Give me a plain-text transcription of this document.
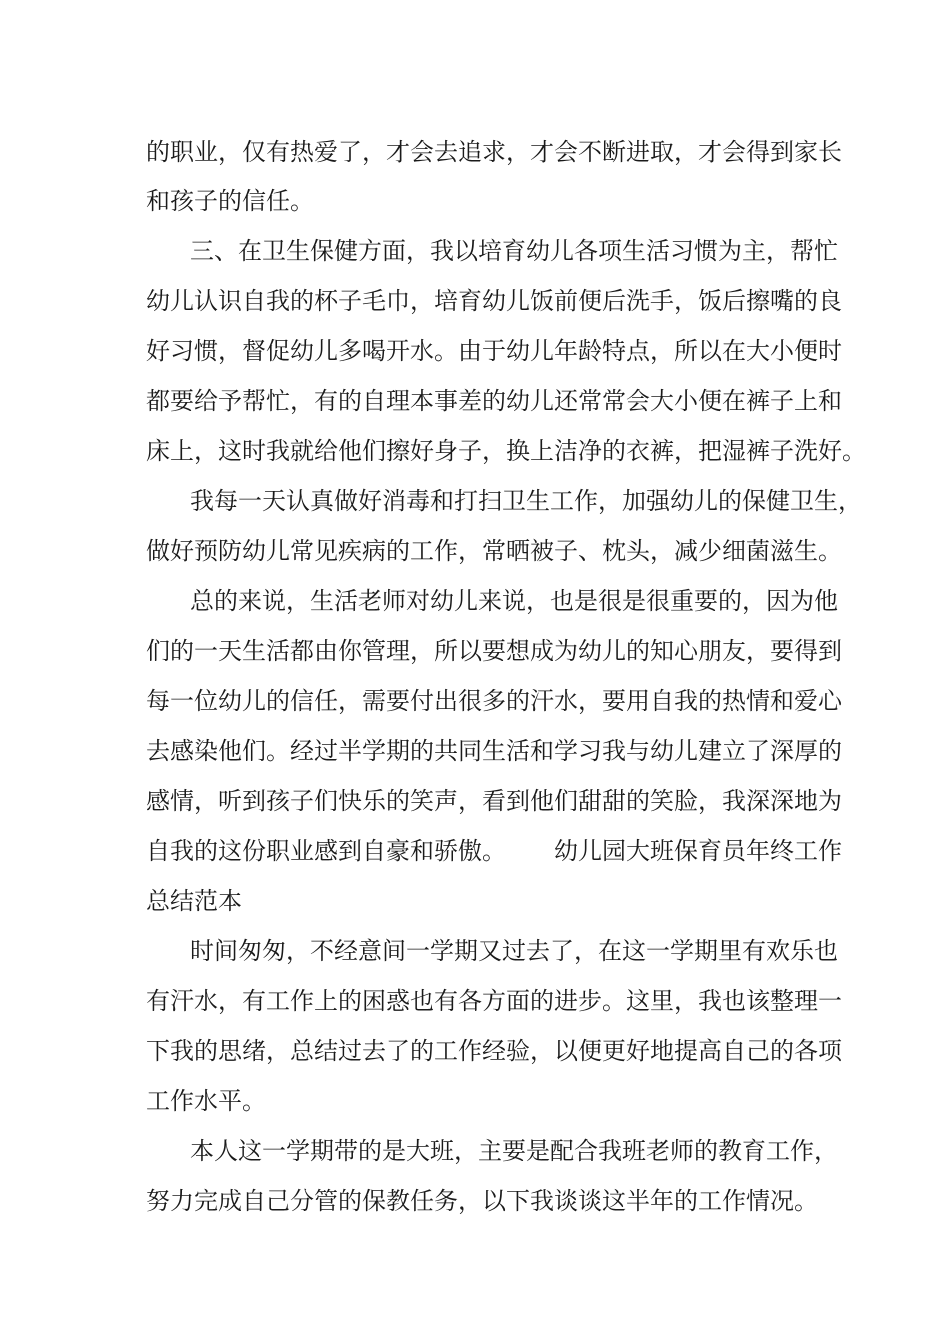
的职业，仅有热爱了，才会去追求，才会不断进取，才会得到家长
和孩子的信任。
三、在卫生保健方面，我以培育幼儿各项生活习惯为主，帮忙
幼儿认识自我的杯子毛巾，培育幼儿饭前便后洗手，饭后擦嘴的良
好习惯，督促幼儿多喝开水。由于幼儿年龄特点，所以在大小便时
都要给予帮忙，有的自理本事差的幼儿还常常会大小便在裤子上和
床上，这时我就给他们擦好身子，换上洁净的衣裤，把湿裤子洗好。
我每一天认真做好消毒和打扫卫生工作，加强幼儿的保健卫生，
做好预防幼儿常见疾病的工作，常晒被子、枕头，减少细菌滋生。
总的来说，生活老师对幼儿来说，也是很是很重要的，因为他
们的一天生活都由你管理，所以要想成为幼儿的知心朋友，要得到
每一位幼儿的信任，需要付出很多的汗水，要用自我的热情和爱心
去感染他们。经过半学期的共同生活和学习我与幼儿建立了深厚的
感情，听到孩子们快乐的笑声，看到他们甜甜的笑脸，我深深地为
自我的这份职业感到自豪和骄傲。 幼儿园大班保育员年终工作
总结范本
时间匆匆，不经意间一学期又过去了，在这一学期里有欢乐也
有汗水，有工作上的困惑也有各方面的进步。这里，我也该整理一
下我的思绪，总结过去了的工作经验，以便更好地提高自己的各项
工作水平。
本人这一学期带的是大班，主要是配合我班老师的教育工作，
努力完成自己分管的保教任务，以下我谈谈这半年的工作情况。
